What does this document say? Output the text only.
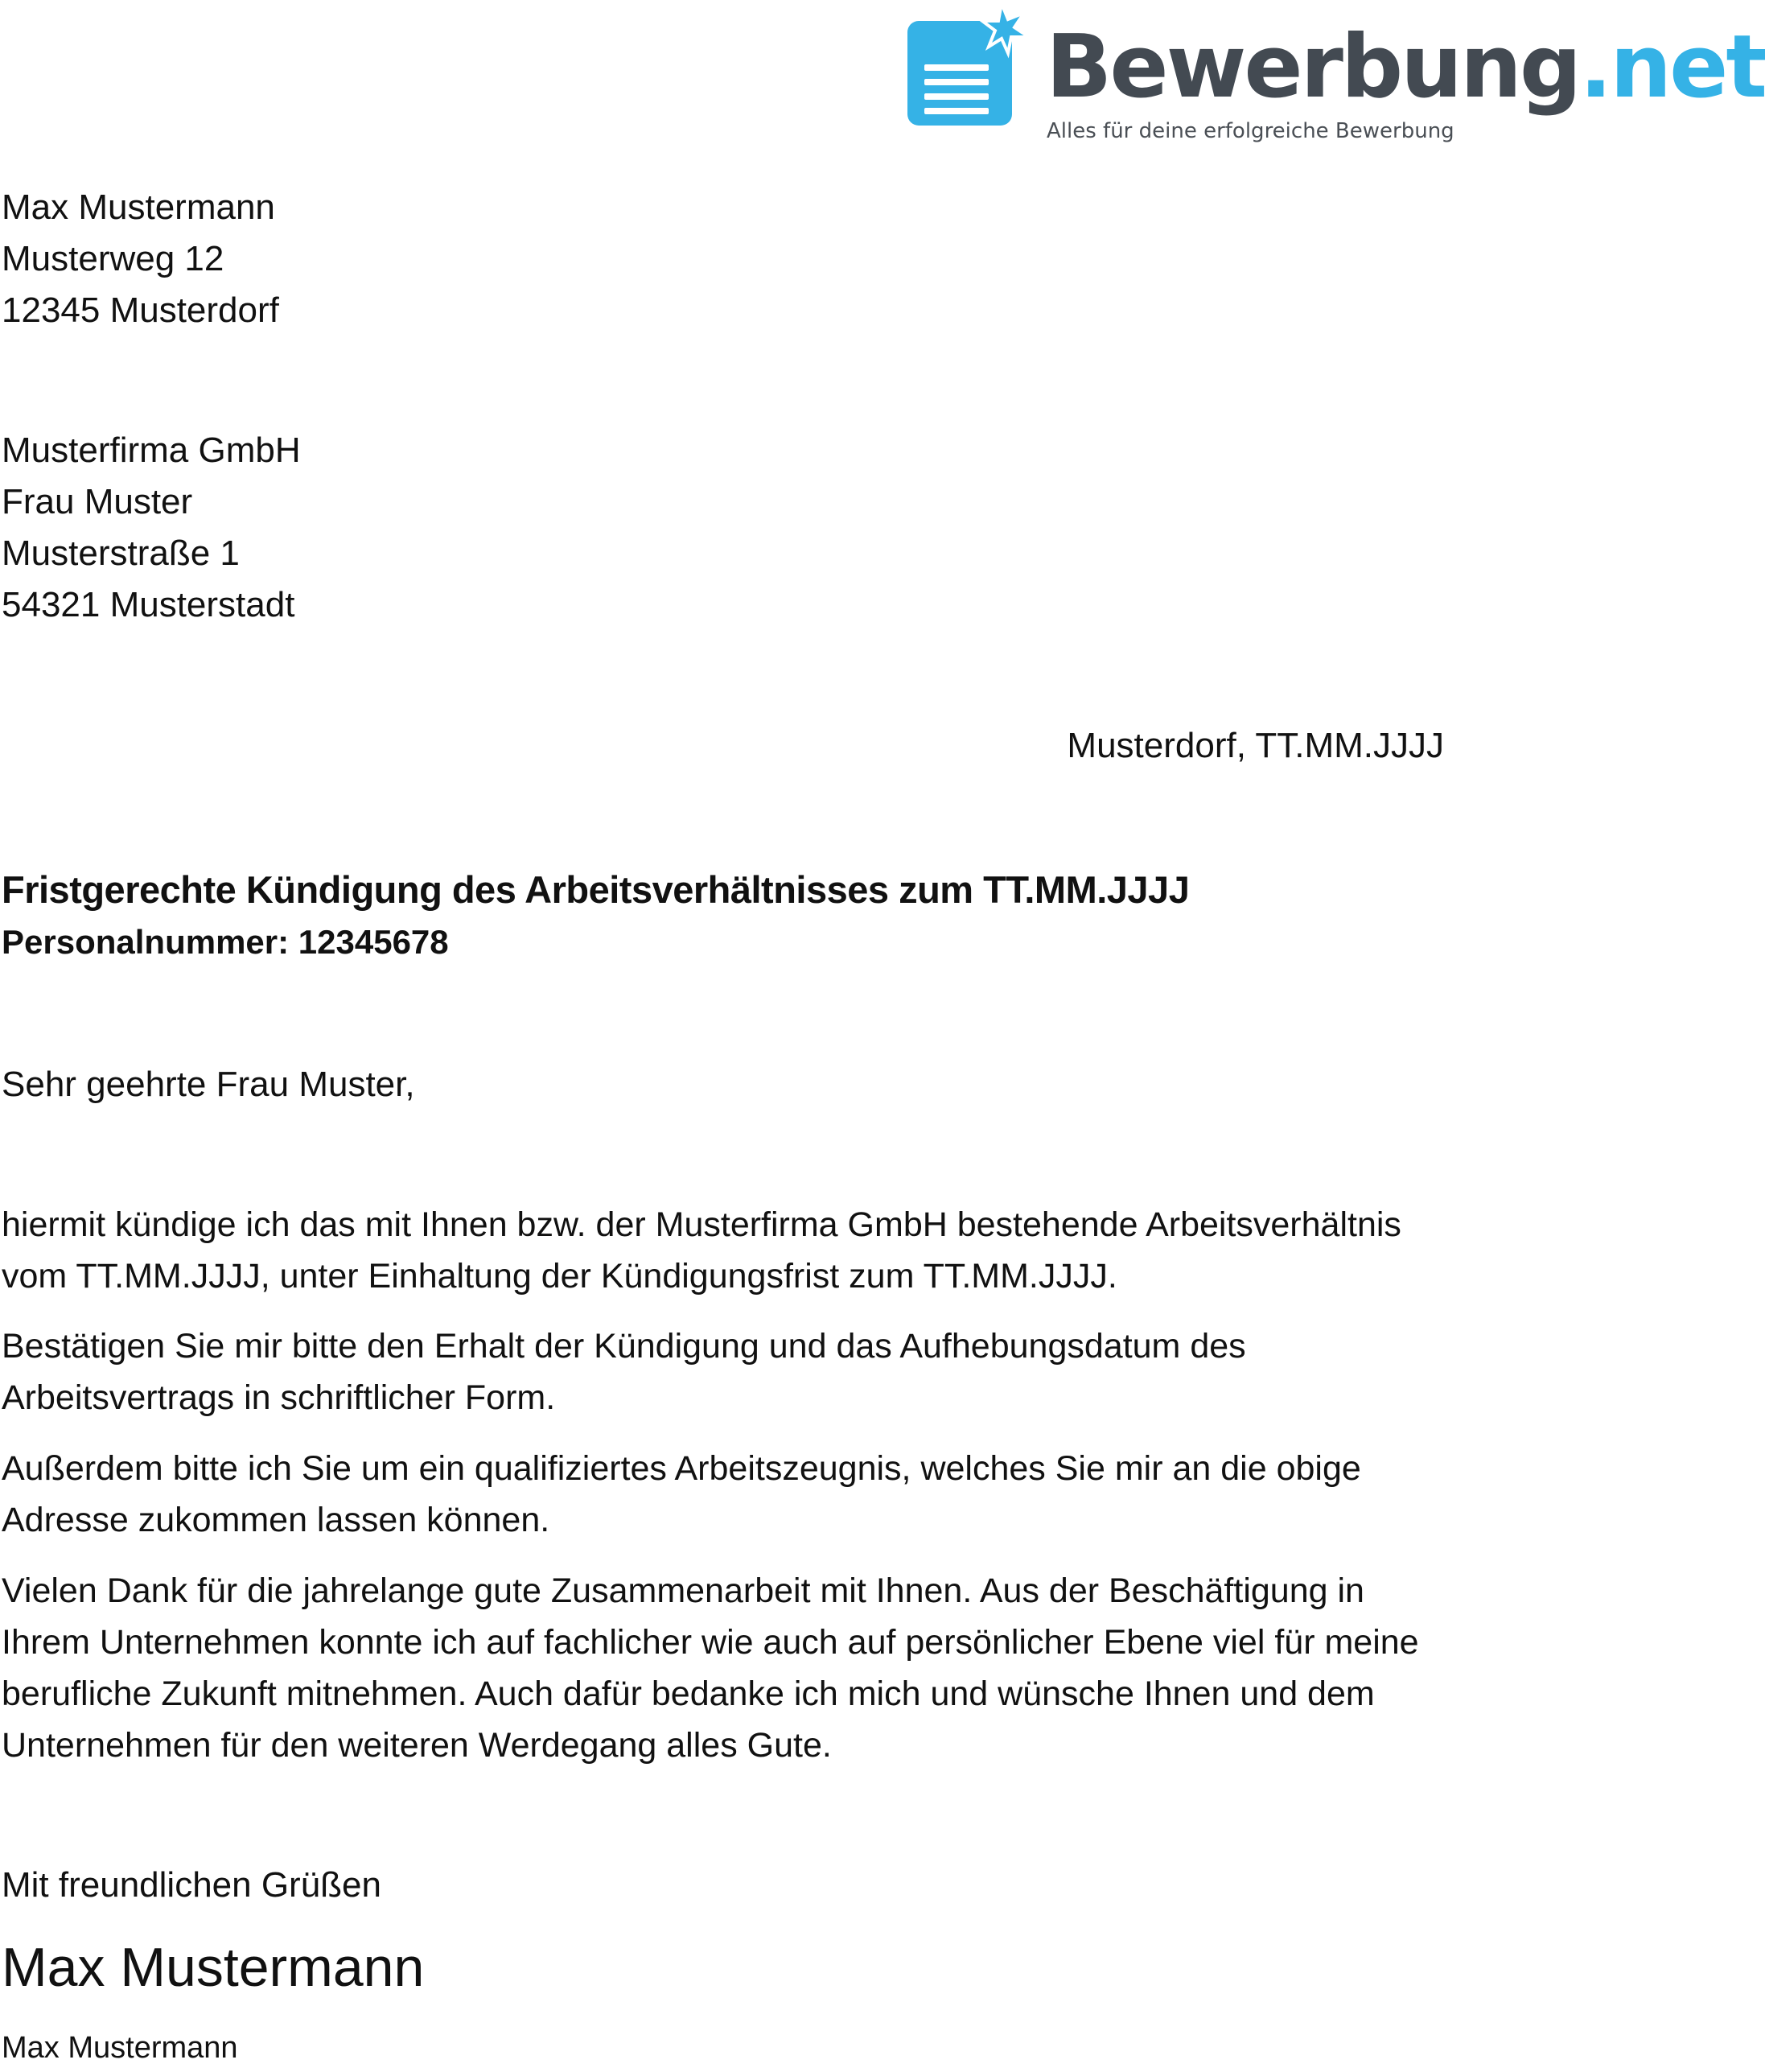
Bewerbung.net
Alles für deine erfolgreiche Bewerbung
Max Mustermann
Musterweg 12
12345 Musterdorf
Musterfirma GmbH
Frau Muster
Musterstraße 1
54321 Musterstadt
Musterdorf, TT.MM.JJJJ
Fristgerechte Kündigung des Arbeitsverhältnisses zum TT.MM.JJJJ
Personalnummer: 12345678
Sehr geehrte Frau Muster,
hiermit kündige ich das mit Ihnen bzw. der Musterfirma GmbH bestehende Arbeitsverhältnis vom TT.MM.JJJJ, unter Einhaltung der Kündigungsfrist zum TT.MM.JJJJ.
Bestätigen Sie mir bitte den Erhalt der Kündigung und das Aufhebungsdatum des Arbeitsvertrags in schriftlicher Form.
Außerdem bitte ich Sie um ein qualifiziertes Arbeitszeugnis, welches Sie mir an die obige Adresse zukommen lassen können.
Vielen Dank für die jahrelange gute Zusammenarbeit mit Ihnen. Aus der Beschäftigung in Ihrem Unternehmen konnte ich auf fachlicher wie auch auf persönlicher Ebene viel für meine berufliche Zukunft mitnehmen. Auch dafür bedanke ich mich und wünsche Ihnen und dem Unternehmen für den weiteren Werdegang alles Gute.
Mit freundlichen Grüßen
Max Mustermann
Max Mustermann
